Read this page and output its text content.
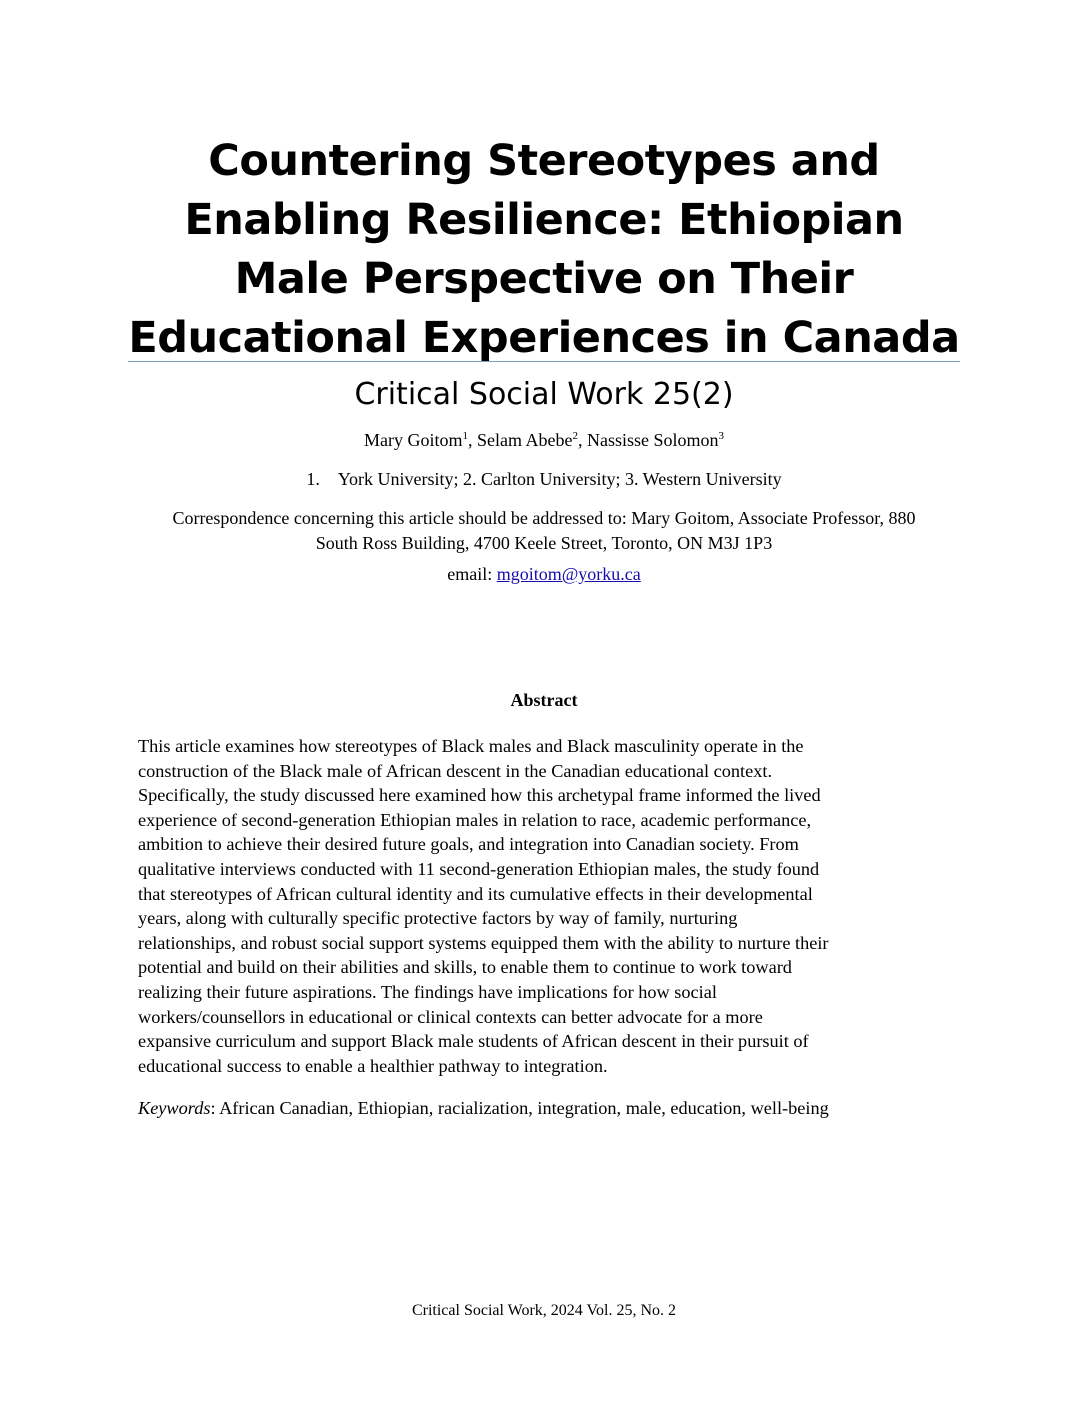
Countering Stereotypes and
Enabling Resilience: Ethiopian
Male Perspective on Their
Educational Experiences in Canada
Critical Social Work 25(2)
Mary Goitom$^1$, Selam Abebe$^2$, Nassisse Solomon$^3$
1. York University; 2. Carlton University; 3. Western University
Correspondence concerning this article should be addressed to: Mary Goitom, Associate Professor, 880 South Ross Building, 4700 Keele Street, Toronto, ON M3J 1P3
email: mgoitom@yorku.ca
Abstract
This article examines how stereotypes of Black males and Black masculinity operate in the
construction of the Black male of African descent in the Canadian educational context.
Specifically, the study discussed here examined how this archetypal frame informed the lived
experience of second-generation Ethiopian males in relation to race, academic performance,
ambition to achieve their desired future goals, and integration into Canadian society. From
qualitative interviews conducted with 11 second-generation Ethiopian males, the study found
that stereotypes of African cultural identity and its cumulative effects in their developmental
years, along with culturally specific protective factors by way of family, nurturing
relationships, and robust social support systems equipped them with the ability to nurture their
potential and build on their abilities and skills, to enable them to continue to work toward
realizing their future aspirations. The findings have implications for how social
workers/counsellors in educational or clinical contexts can better advocate for a more
expansive curriculum and support Black male students of African descent in their pursuit of
educational success to enable a healthier pathway to integration.
Keywords: African Canadian, Ethiopian, racialization, integration, male, education, well-being
Critical Social Work, 2024 Vol. 25, No. 2
